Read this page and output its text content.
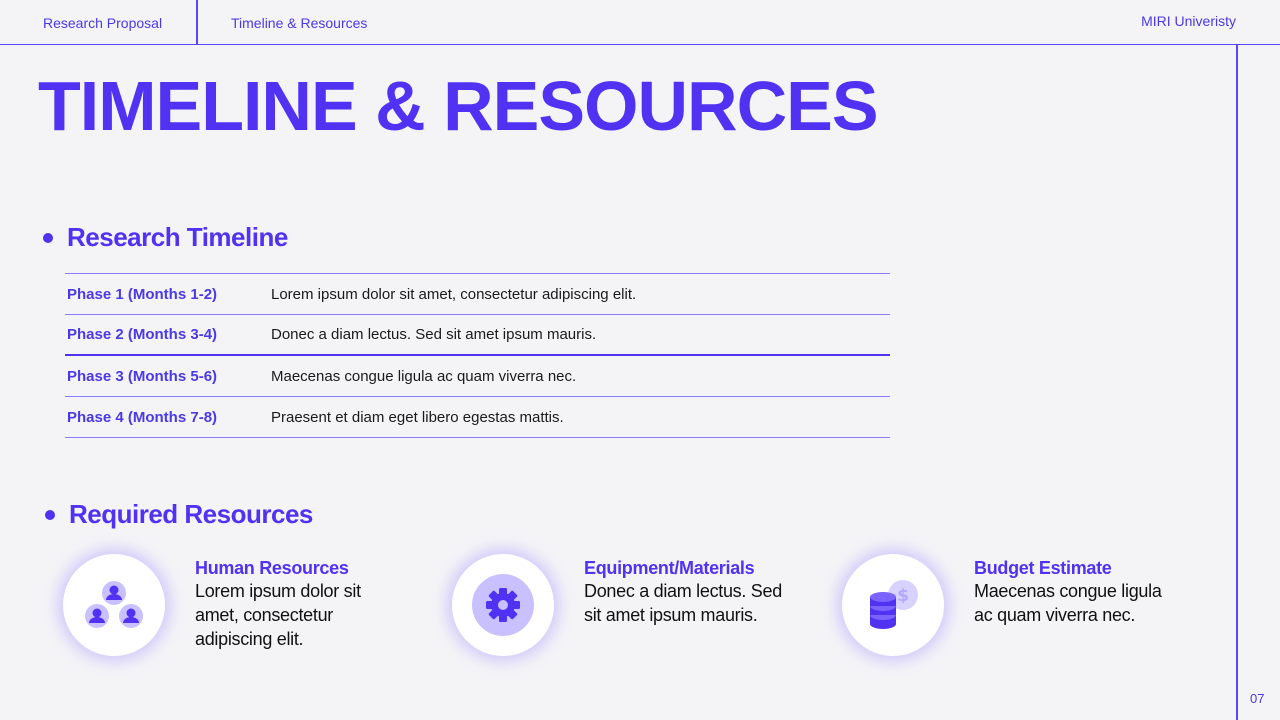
Research Proposal	Timeline & Resources	MIRI Univeristy
07
TIMELINE & RESOURCES
Research Timeline
Phase 1 (Months 1-2)	Lorem ipsum dolor sit amet, consectetur adipiscing elit.
Phase 2 (Months 3-4)	Donec a diam lectus. Sed sit amet ipsum mauris.
Phase 3 (Months 5-6)	Maecenas congue ligula ac quam viverra nec.
Phase 4 (Months 7-8)	Praesent et diam eget libero egestas mattis.
Required Resources
Human Resources
Lorem ipsum dolor sit amet, consectetur adipiscing elit.
Equipment/Materials
Donec a diam lectus. Sed sit amet ipsum mauris.
$
Budget Estimate
Maecenas congue ligula ac quam viverra nec.
